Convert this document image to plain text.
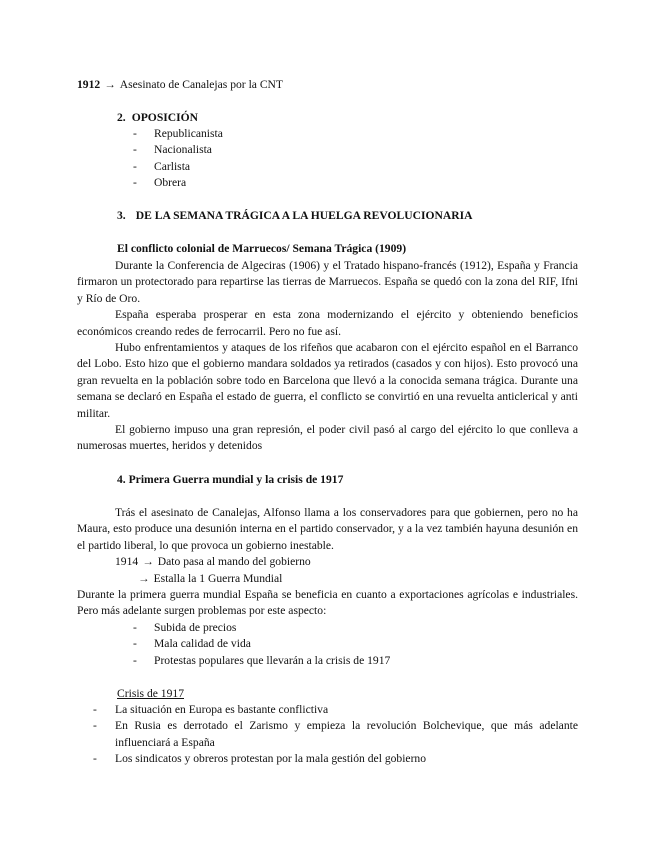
1912 → Asesinato de Canalejas por la CNT
2. OPOSICIÓN
-	Republicanista
-	Nacionalista
-	Carlista
-	Obrera
3. DE LA SEMANA TRÁGICA A LA HUELGA REVOLUCIONARIA
El conflicto colonial de Marruecos/ Semana Trágica (1909)

Durante la Conferencia de Algeciras (1906) y el Tratado hispano-francés (1912), España y Francia firmaron un protectorado para repartirse las tierras de Marruecos. España se quedó con la zona del RIF, Ifni y Río de Oro.

España esperaba prosperar en esta zona modernizando el ejército y obteniendo beneficios económicos creando redes de ferrocarril. Pero no fue así.

Hubo enfrentamientos y ataques de los rifeños que acabaron con el ejército español en el Barranco del Lobo. Esto hizo que el gobierno mandara soldados ya retirados (casados y con hijos). Esto provocó una gran revuelta en la población sobre todo en Barcelona que llevó a la conocida semana trágica. Durante una semana se declaró en España el estado de guerra, el conflicto se convirtió en una revuelta anticlerical y anti militar.

El gobierno impuso una gran represión, el poder civil pasó al cargo del ejército lo que conlleva a numerosas muertes, heridos y detenidos

4. Primera Guerra mundial y la crisis de 1917

Trás el asesinato de Canalejas, Alfonso llama a los conservadores para que gobiernen, pero no ha Maura, esto produce una desunión interna en el partido conservador, y a la vez también hayuna desunión en el partido liberal, lo que provoca un gobierno inestable.

1914 → Dato pasa al mando del gobierno
→ Estalla la 1 Guerra Mundial

Durante la primera guerra mundial España se beneficia en cuanto a exportaciones agrícolas e industriales. Pero más adelante surgen problemas por este aspecto:

-	Subida de precios
-	Mala calidad de vida
-	Protestas populares que llevarán a la crisis de 1917
Crisis de 1917
-	La situación en Europa es bastante conflictiva
-	En Rusia es derrotado el Zarismo y empieza la revolución Bolchevique, que más adelante influenciará a España
-	Los sindicatos y obreros protestan por la mala gestión del gobierno
